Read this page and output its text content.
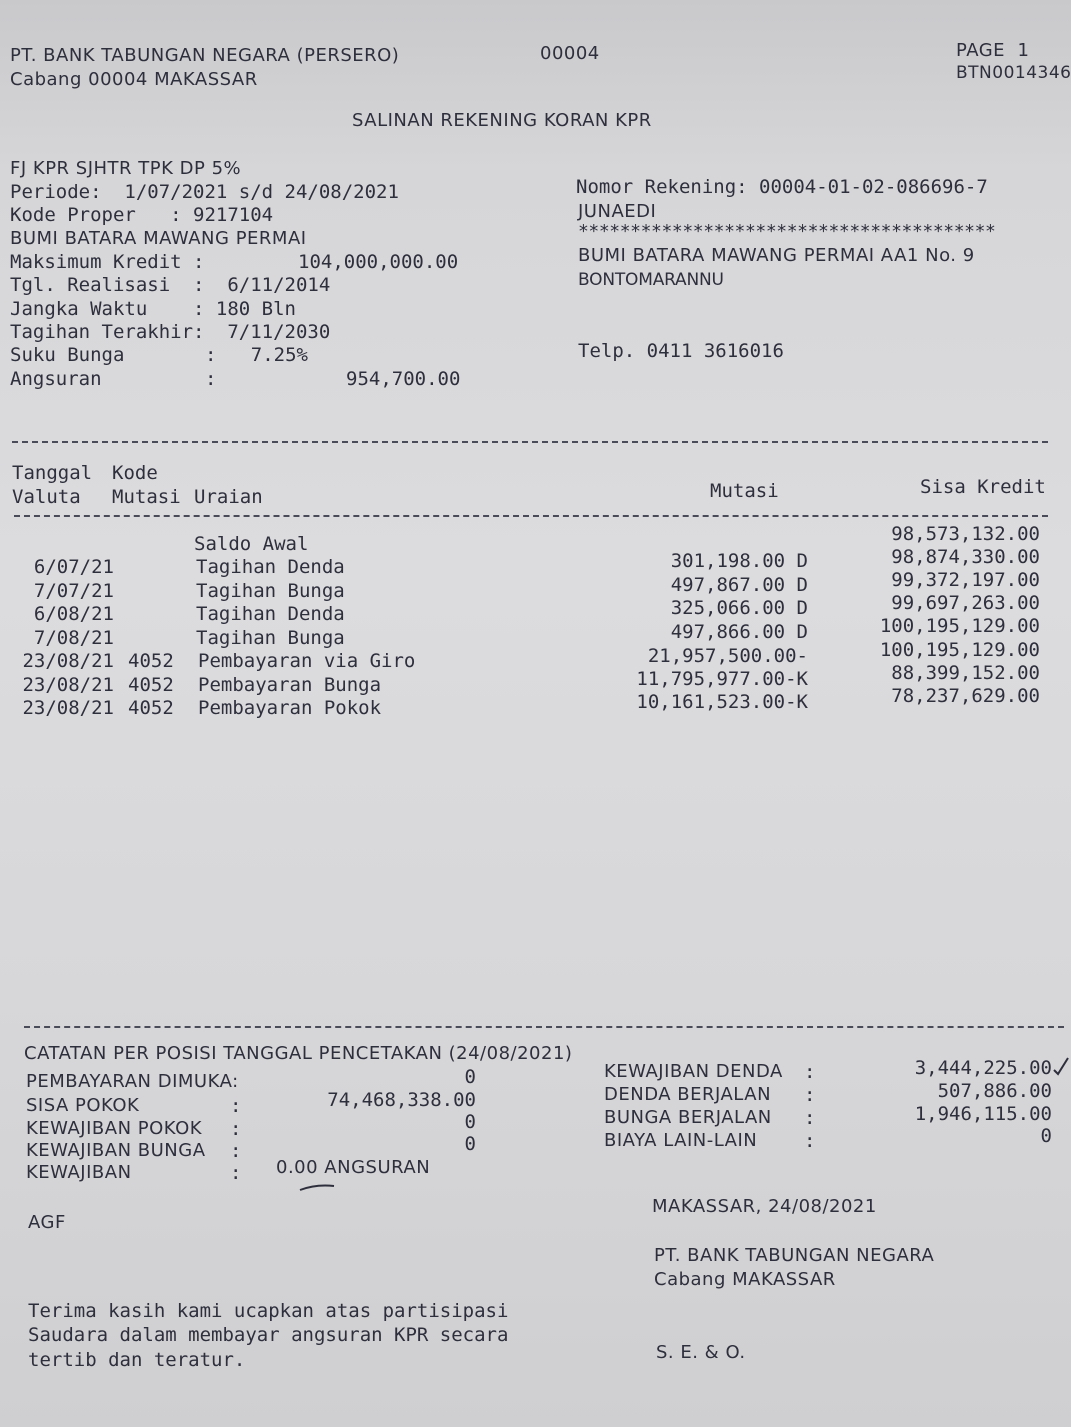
PT. BANK TABUNGAN NEGARA (PERSERO)
Cabang 00004 MAKASSAR
00004	PAGE  1
BTN0014346
SALINAN REKENING KORAN KPR
FJ KPR SJHTR TPK DP 5%
Periode:  1/07/2021 s/d 24/08/2021
Kode Proper   : 9217104
BUMI BATARA MAWANG PERMAI
Maksimum Kredit :	104,000,000.00
Tgl. Realisasi  :  6/11/2014
Jangka Waktu    : 180 Bln
Tagihan Terakhir:  7/11/2030
Suku Bunga	:   7.25%
Angsuran	:	954,700.00
Nomor Rekening: 00004-01-02-086696-7
JUNAEDI
****************************************
BUMI BATARA MAWANG PERMAI AA1 No. 9
BONTOMARANNU
Telp. 0411 3616016
Tanggal Kode
Valuta Mutasi Uraian	Mutasi	Sisa Kredit
Saldo Awal	98,573,132.00
6/07/21	Tagihan Denda	301,198.00 D	98,874,330.00
7/07/21	Tagihan Bunga	497,867.00 D	99,372,197.00
6/08/21	Tagihan Denda	325,066.00 D	99,697,263.00
7/08/21	Tagihan Bunga	497,866.00 D	100,195,129.00
23/08/21 4052 Pembayaran via Giro	21,957,500.00-	100,195,129.00
23/08/21 4052 Pembayaran Bunga	11,795,977.00-K	88,399,152.00
23/08/21 4052 Pembayaran Pokok	10,161,523.00-K	78,237,629.00
CATATAN PER POSISI TANGGAL PENCETAKAN (24/08/2021)
PEMBAYARAN DIMUKA:	0
SISA POKOK	:	74,468,338.00
KEWAJIBAN POKOK :	0
KEWAJIBAN BUNGA :	0
KEWAJIBAN	: 0.00 ANGSURAN
KEWAJIBAN DENDA :	3,444,225.00
DENDA BERJALAN :	507,886.00
BUNGA BERJALAN :	1,946,115.00
BIAYA LAIN-LAIN :	0
AGF
MAKASSAR, 24/08/2021
PT. BANK TABUNGAN NEGARA
Cabang MAKASSAR
Terima kasih kami ucapkan atas partisipasi
Saudara dalam membayar angsuran KPR secara
tertib dan teratur.	S. E. & O.
